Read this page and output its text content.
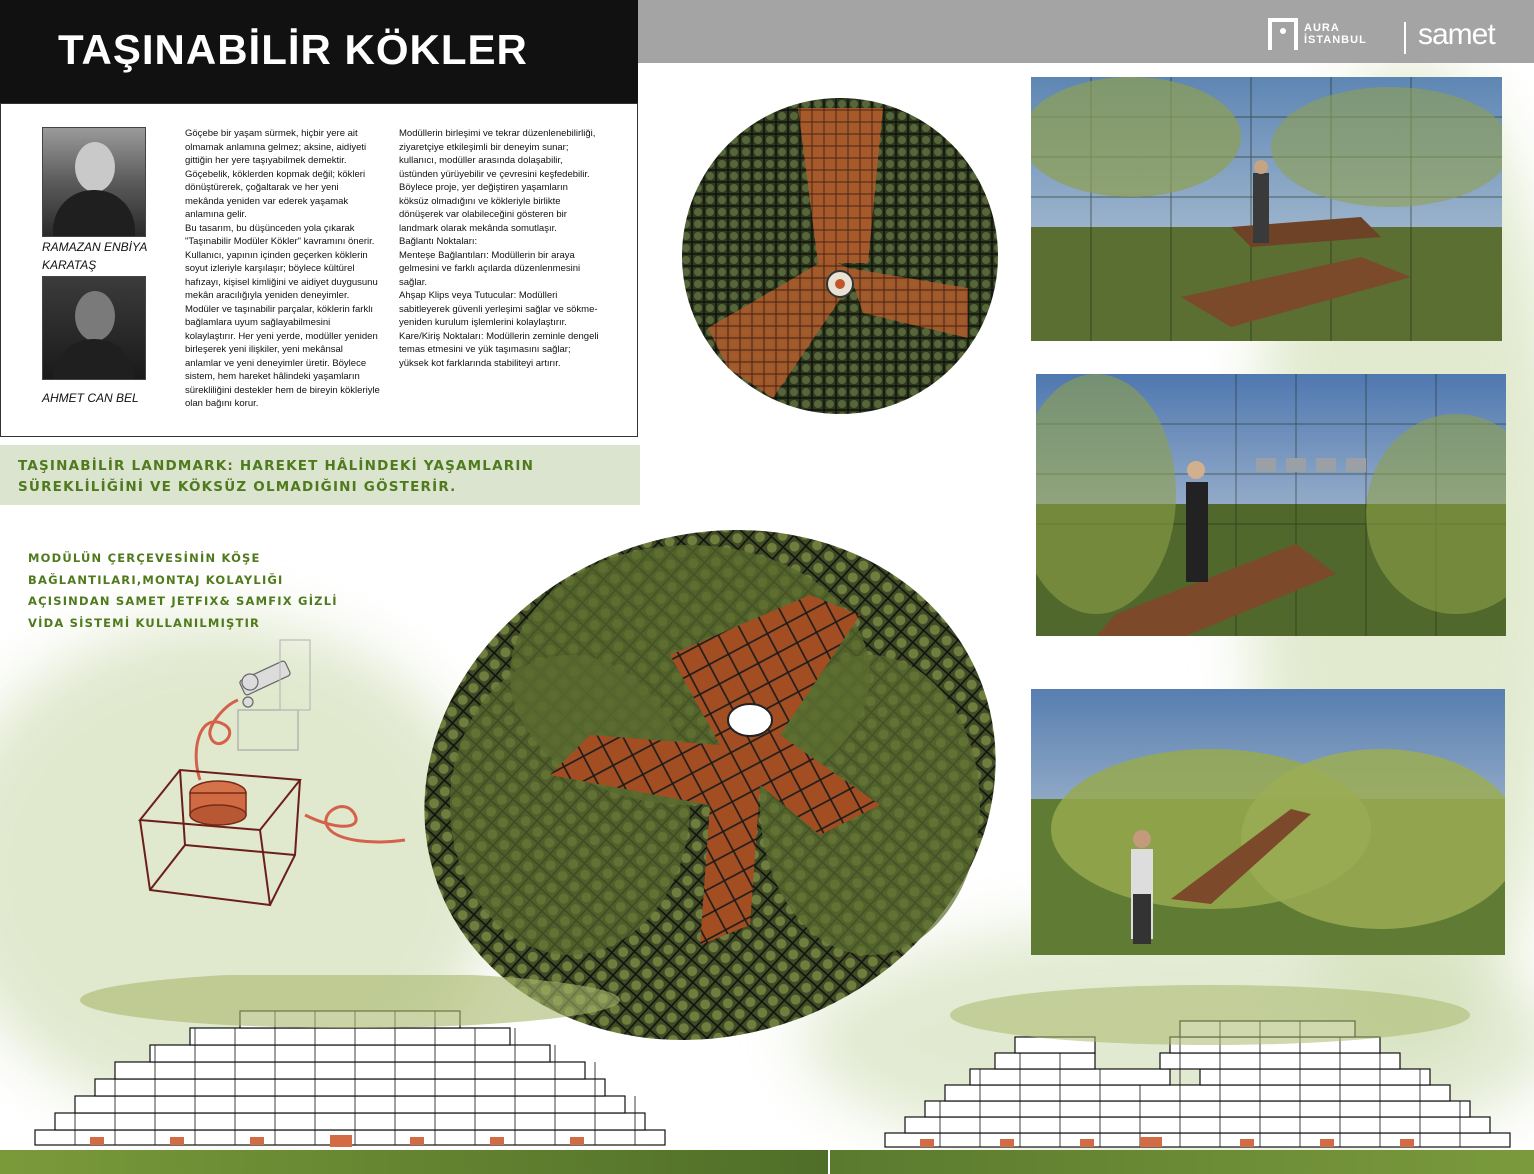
TAŞINABİLİR KÖKLER	AURA
İSTANBUL samet
RAMAZAN ENBİYA KARATAŞ
AHMET CAN BEL
Göçebe bir yaşam sürmek, hiçbir yere ait olmamak anlamına gelmez; aksine, aidiyeti gittiğin her yere taşıyabilmek demektir. Göçebelik, köklerden kopmak değil; kökleri dönüştürerek, çoğaltarak ve her yeni mekânda yeniden var ederek yaşamak anlamına gelir.
Bu tasarım, bu düşünceden yola çıkarak "Taşınabilir Modüler Kökler" kavramını önerir. Kullanıcı, yapının içinden geçerken köklerin soyut izleriyle karşılaşır; böylece kültürel hafızayı, kişisel kimliğini ve aidiyet duygusunu mekân aracılığıyla yeniden deneyimler.
Modüler ve taşınabilir parçalar, köklerin farklı bağlamlara uyum sağlayabilmesini kolaylaştırır. Her yeni yerde, modüller yeniden birleşerek yeni ilişkiler, yeni mekânsal anlamlar ve yeni deneyimler üretir. Böylece sistem, hem hareket hâlindeki yaşamların sürekliliğini destekler hem de bireyin kökleriyle olan bağını korur.
Modüllerin birleşimi ve tekrar düzenlenebilirliği, ziyaretçiye etkileşimli bir deneyim sunar; kullanıcı, modüller arasında dolaşabilir, üstünden yürüyebilir ve çevresini keşfedebilir. Böylece proje, yer değiştiren yaşamların köksüz olmadığını ve kökleriyle birlikte dönüşerek var olabileceğini gösteren bir landmark olarak mekânda somutlaşır.
Bağlantı Noktaları:
Menteşe Bağlantıları: Modüllerin bir araya gelmesini ve farklı açılarda düzenlenmesini sağlar.
Ahşap Klips veya Tutucular: Modülleri sabitleyerek güvenli yerleşimi sağlar ve sökme-yeniden kurulum işlemlerini kolaylaştırır.
Kare/Kiriş Noktaları: Modüllerin zeminle dengeli temas etmesini ve yük taşımasını sağlar; yüksek kot farklarında stabiliteyi artırır.

TAŞINABİLİR LANDMARK: HAREKET HÂLİNDEKİ YAŞAMLARIN SÜREKLİLİĞİNİ VE KÖKSÜZ OLMADIĞINI GÖSTERİR.

MODÜLÜN ÇERÇEVESİNİN KÖŞE BAĞLANTILARI,MONTAJ KOLAYLIĞI AÇISINDAN SAMET JETFIX& SAMFIX GİZLİ VİDA SİSTEMİ KULLANILMIŞTIR
